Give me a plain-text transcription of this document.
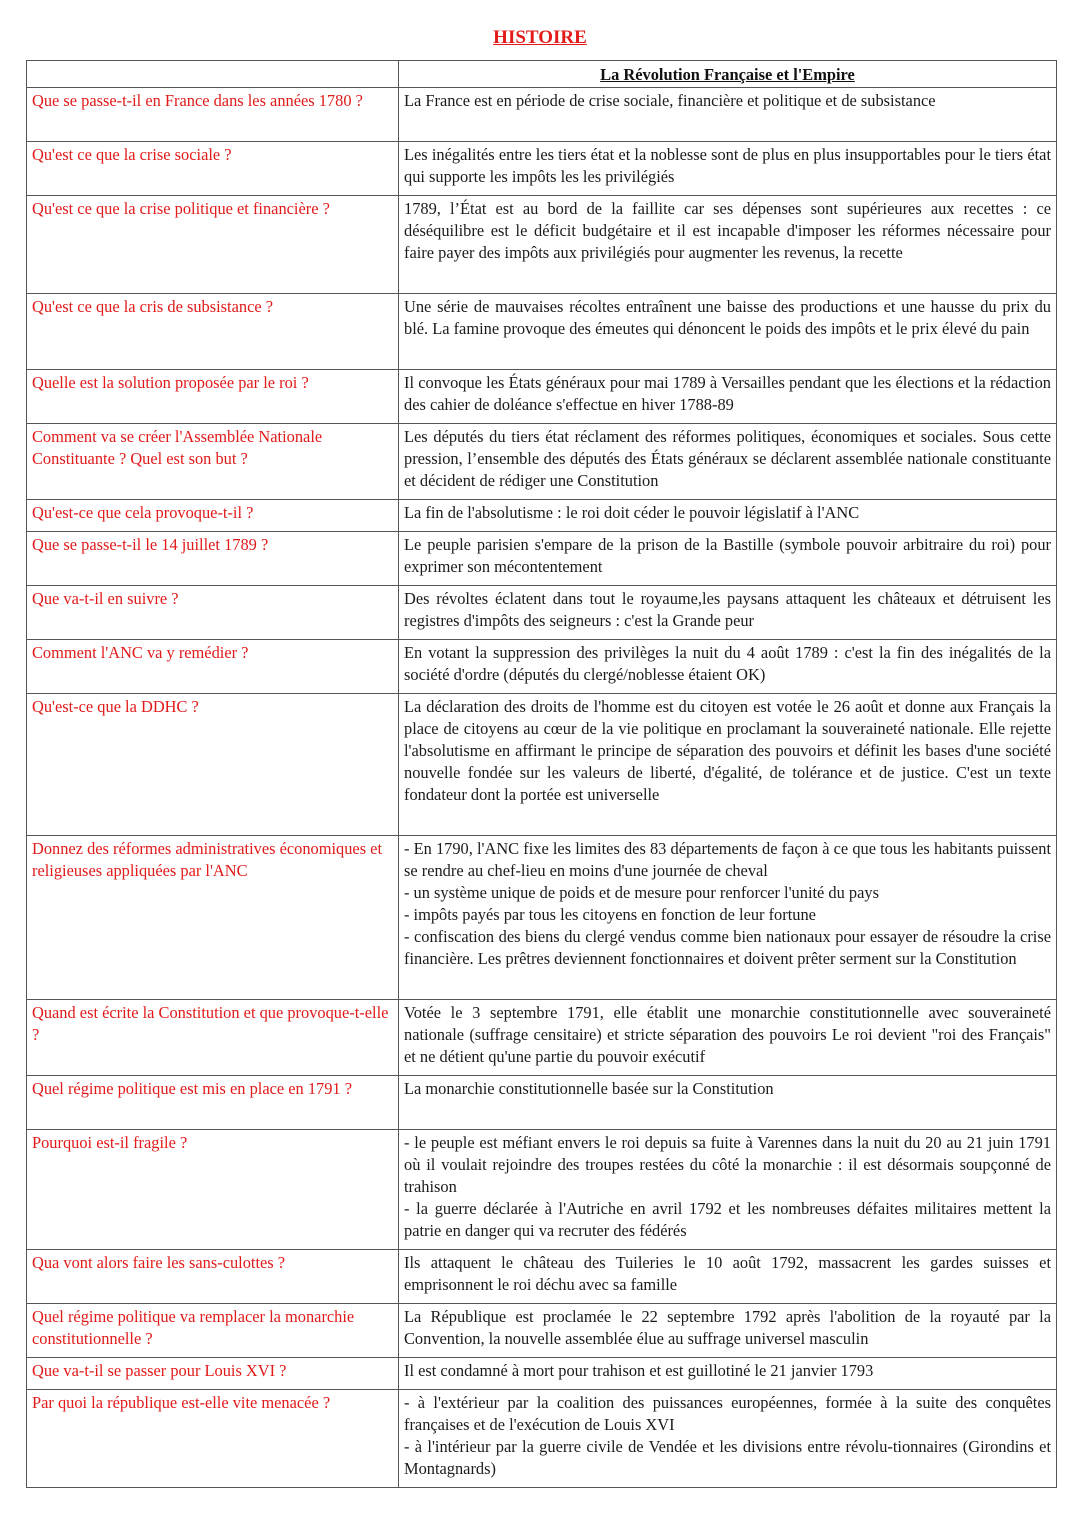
HISTOIRE
	La Révolution Française et l'Empire
Que se passe-t-il en France dans les années 1780 ?	La France est en période de crise sociale, financière et politique et de subsistance

Qu'est ce que la crise sociale ?	Les inégalités entre les tiers état et la noblesse sont de plus en plus insupportables pour le tiers état qui supporte les impôts les les privilégiés

Qu'est ce que la crise politique et financière ?	1789, l’État est au bord de la faillite car ses dépenses sont supérieures aux recettes : ce déséquilibre est le déficit budgétaire et il est incapable d'imposer les réformes nécessaire pour faire payer des impôts aux privilégiés pour augmenter les revenus, la recette

Qu'est ce que la cris de subsistance ?	Une série de mauvaises récoltes entraînent une baisse des productions et une hausse du prix du blé. La famine provoque des émeutes qui dénoncent le poids des impôts et le prix élevé du pain

Quelle est la solution proposée par le roi ?	Il convoque les États généraux pour mai 1789 à Versailles pendant que les élections et la rédaction des cahier de doléance s'effectue en hiver 1788-89

Comment va se créer l'Assemblée Nationale Constituante ? Quel est son but ?	Les députés du tiers état réclament des réformes politiques, économiques et sociales. Sous cette pression, l’ensemble des députés des États généraux se déclarent assemblée nationale constituante et décident de rédiger une Constitution

Qu'est-ce que cela provoque-t-il ?	La fin de l'absolutisme : le roi doit céder le pouvoir législatif à l'ANC

Que se passe-t-il le 14 juillet 1789 ?	Le peuple parisien s'empare de la prison de la Bastille (symbole pouvoir arbitraire du roi) pour exprimer son mécontentement

Que va-t-il en suivre ?	Des révoltes éclatent dans tout le royaume,les paysans attaquent les châteaux et détruisent les registres d'impôts des seigneurs : c'est la Grande peur

Comment l'ANC va y remédier ?	En votant la suppression des privilèges la nuit du 4 août 1789 : c'est la fin des inégalités de la société d'ordre (députés du clergé/noblesse étaient OK)

Qu'est-ce que la DDHC ?	La déclaration des droits de l'homme est du citoyen est votée le 26 août et donne aux Français la place de citoyens au cœur de la vie politique en proclamant la souveraineté nationale. Elle rejette l'absolutisme en affirmant le principe de séparation des pouvoirs et définit les bases d'une société nouvelle fondée sur les valeurs de liberté, d'égalité, de tolérance et de justice. C'est un texte fondateur dont la portée est universelle

Donnez des réformes administratives économiques et religieuses appliquées par l'ANC	- En 1790, l'ANC fixe les limites des 83 départements de façon à ce que tous les habitants puissent se rendre au chef-lieu en moins d'une journée de cheval
- un système unique de poids et de mesure pour renforcer l'unité du pays
- impôts payés par tous les citoyens en fonction de leur fortune
- confiscation des biens du clergé vendus comme bien nationaux pour essayer de résoudre la crise financière. Les prêtres deviennent fonctionnaires et doivent prêter serment sur la Constitution

Quand est écrite la Constitution et que provoque-t-elle ?	Votée le 3 septembre 1791, elle établit une monarchie constitutionnelle avec souveraineté nationale (suffrage censitaire) et stricte séparation des pouvoirs Le roi devient "roi des Français" et ne détient qu'une partie du pouvoir exécutif

Quel régime politique est mis en place en 1791 ?	La monarchie constitutionnelle basée sur la Constitution

Pourquoi est-il fragile ?	- le peuple est méfiant envers le roi depuis sa fuite à Varennes dans la nuit du 20 au 21 juin 1791 où il voulait rejoindre des troupes restées du côté la monarchie : il est désormais soupçonné de trahison
- la guerre déclarée à l'Autriche en avril 1792 et les nombreuses défaites militaires mettent la patrie en danger qui va recruter des fédérés

Qua vont alors faire les sans-culottes ?	Ils attaquent le château des Tuileries le 10 août 1792, massacrent les gardes suisses et emprisonnent le roi déchu avec sa famille

Quel régime politique va remplacer la monarchie constitutionnelle ?	La République est proclamée le 22 septembre 1792 après l'abolition de la royauté par la Convention, la nouvelle assemblée élue au suffrage universel masculin

Que va-t-il se passer pour Louis XVI ?	Il est condamné à mort pour trahison et est guillotiné le 21 janvier 1793

Par quoi la république est-elle vite menacée ?	- à l'extérieur par la coalition des puissances européennes, formée à la suite des conquêtes françaises et de l'exécution de Louis XVI
- à l'intérieur par la guerre civile de Vendée et les divisions entre révolu-tionnaires (Girondins et Montagnards)
